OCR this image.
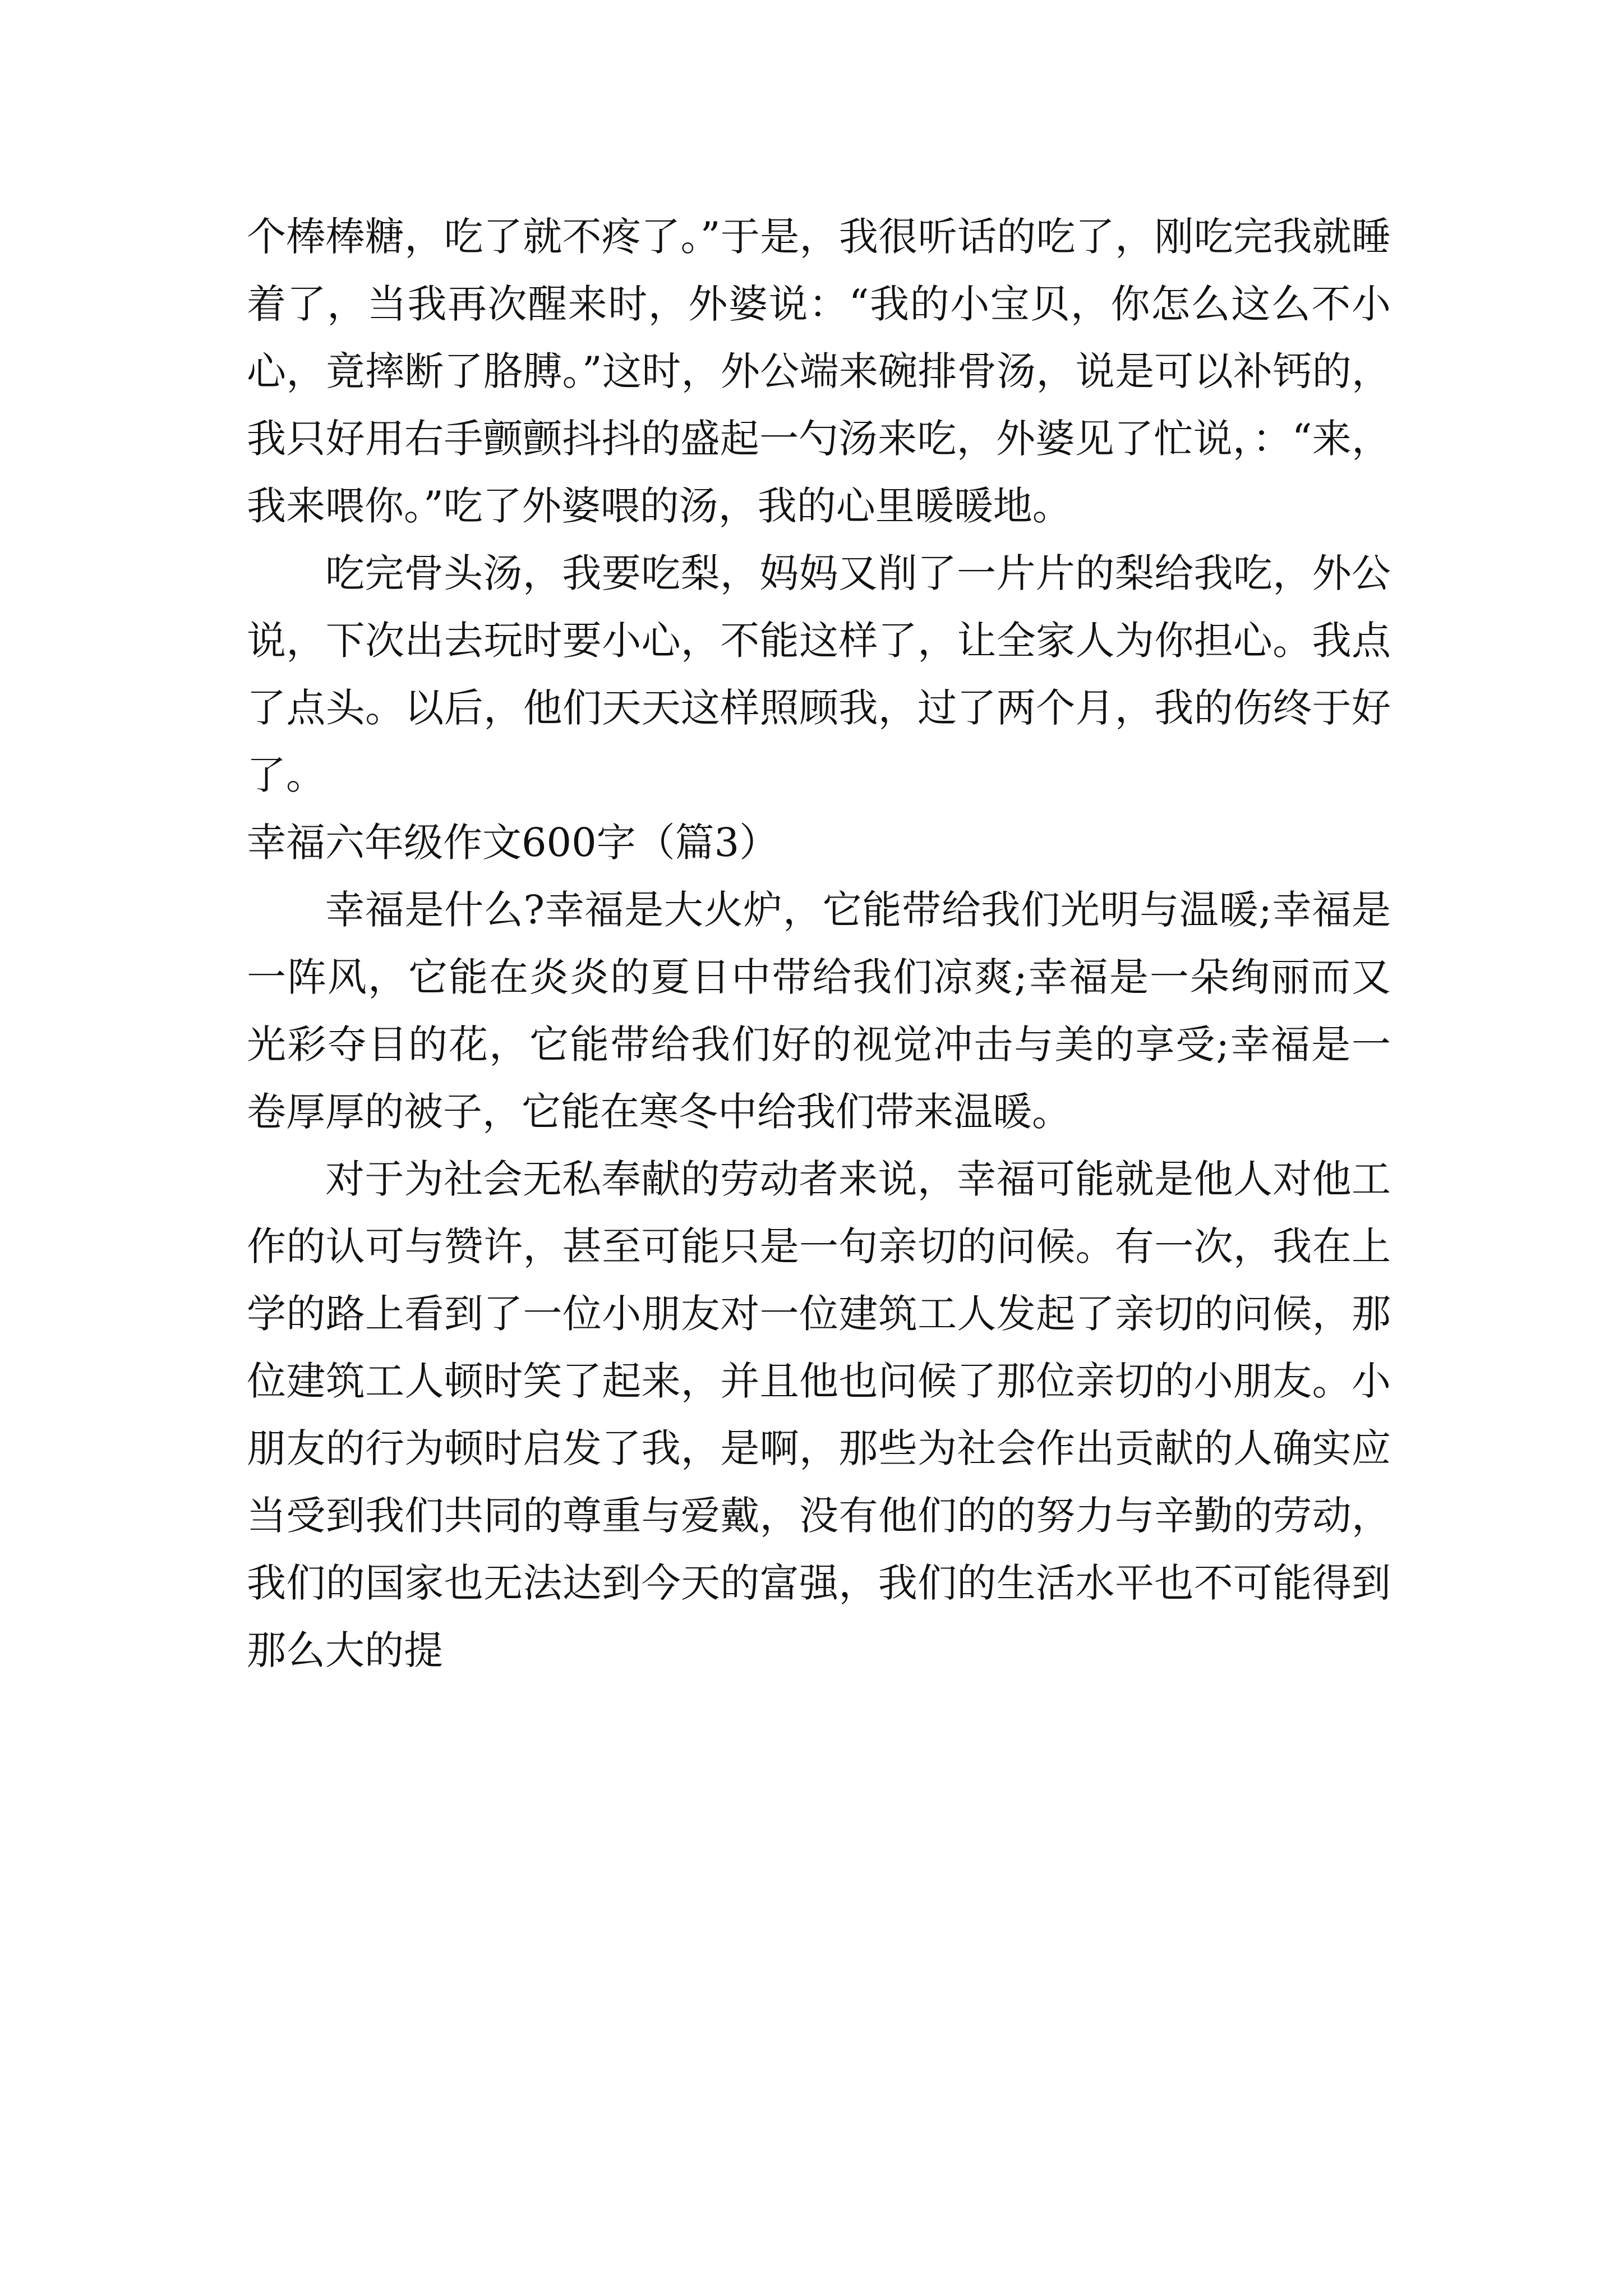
个棒棒糖，吃了就不疼了。”于是，我很听话的吃了，刚吃完我就睡着了，当我再次醒来时，外婆说：“我的小宝贝，你怎么这么不小心，竟摔断了胳膊。”这时，外公端来碗排骨汤，说是可以补钙的，我只好用右手颤颤抖抖的盛起一勺汤来吃，外婆见了忙说，：“来，我来喂你。”吃了外婆喂的汤，我的心里暖暖地。

吃完骨头汤，我要吃梨，妈妈又削了一片片的梨给我吃，外公说，下次出去玩时要小心，不能这样了，让全家人为你担心。我点了点头。以后，他们天天这样照顾我，过了两个月，我的伤终于好了。

幸福六年级作文600字（篇3）

幸福是什么?幸福是大火炉，它能带给我们光明与温暖;幸福是一阵风，它能在炎炎的夏日中带给我们凉爽;幸福是一朵绚丽而又光彩夺目的花，它能带给我们好的视觉冲击与美的享受;幸福是一卷厚厚的被子，它能在寒冬中给我们带来温暖。

对于为社会无私奉献的劳动者来说，幸福可能就是他人对他工作的认可与赞许，甚至可能只是一句亲切的问候。有一次，我在上学的路上看到了一位小朋友对一位建筑工人发起了亲切的问候，那位建筑工人顿时笑了起来，并且他也问候了那位亲切的小朋友。小朋友的行为顿时启发了我，是啊，那些为社会作出贡献的人确实应当受到我们共同的尊重与爱戴，没有他们的的努力与辛勤的劳动，我们的国家也无法达到今天的富强，我们的生活水平也不可能得到那么大的提
